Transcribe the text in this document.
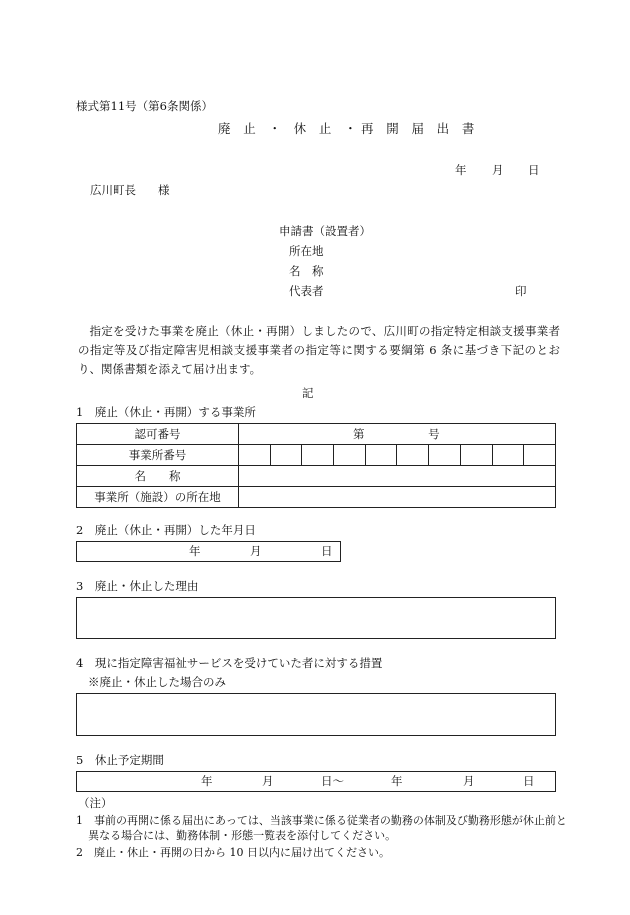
様式第11号（第6条関係）
廃 止 ・ 休 止 ・再 開 届 出 書
年 月 日
広川町長 様
申請書（設置者）
所在地
名　称
代表者	印
指定を受けた事業を廃止（休止・再開）しましたので、広川町の指定特定相談支援事業者の指定等及び指定障害児相談支援事業者の指定等に関する要綱第 6 条に基づき下記のとおり、関係書類を添えて届け出ます。
記
1　廃止（休止・再開）する事業所
認可番号	第 号									
事業所番号										
名　　称										
事業所（施設）の所在地										
2　廃止（休止・再開）した年月日
年	月	日
3　廃止・休止した理由
4　現に指定障害福祉サービスを受けていた者に対する措置
※廃止・休止した場合のみ
5　休止予定期間
年	月	日〜	年	月	日
（注）
1　事前の再開に係る届出にあっては、当該事業に係る従業者の勤務の体制及び勤務形態が休止前と異なる場合には、勤務体制・形態一覧表を添付してください。
2　廃止・休止・再開の日から 10 日以内に届け出てください。
